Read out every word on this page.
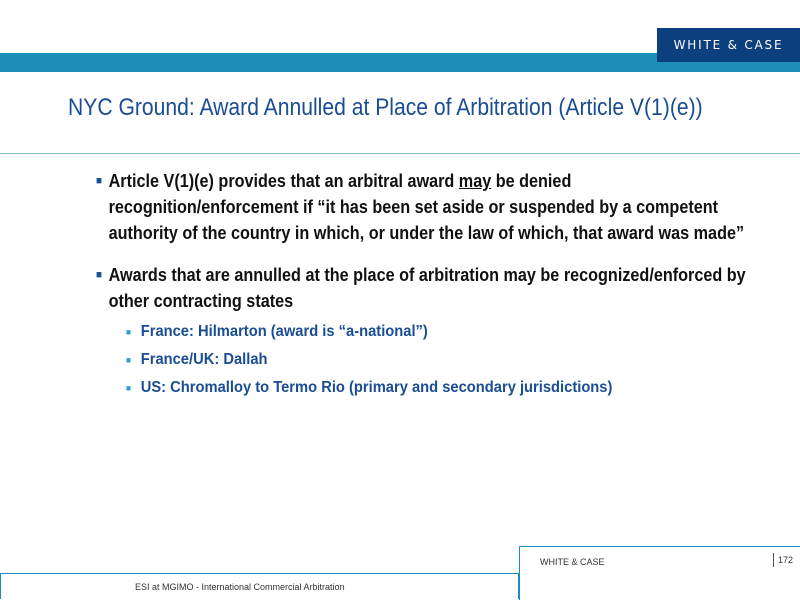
WHITE & CASE
NYC Ground: Award Annulled at Place of Arbitration (Article V(1)(e))
■ Article V(1)(e) provides that an arbitral award may be denied recognition/enforcement if “it has been set aside or suspended by a competent authority of the country in which, or under the law of which, that award was made”
■ Awards that are annulled at the place of arbitration may be recognized/enforced by other contracting states
■ France: Hilmarton (award is “a-national”)
■ France/UK: Dallah
■ US: Chromalloy to Termo Rio (primary and secondary jurisdictions)
ESI at MGIMO - International Commercial Arbitration
WHITE & CASE	172
